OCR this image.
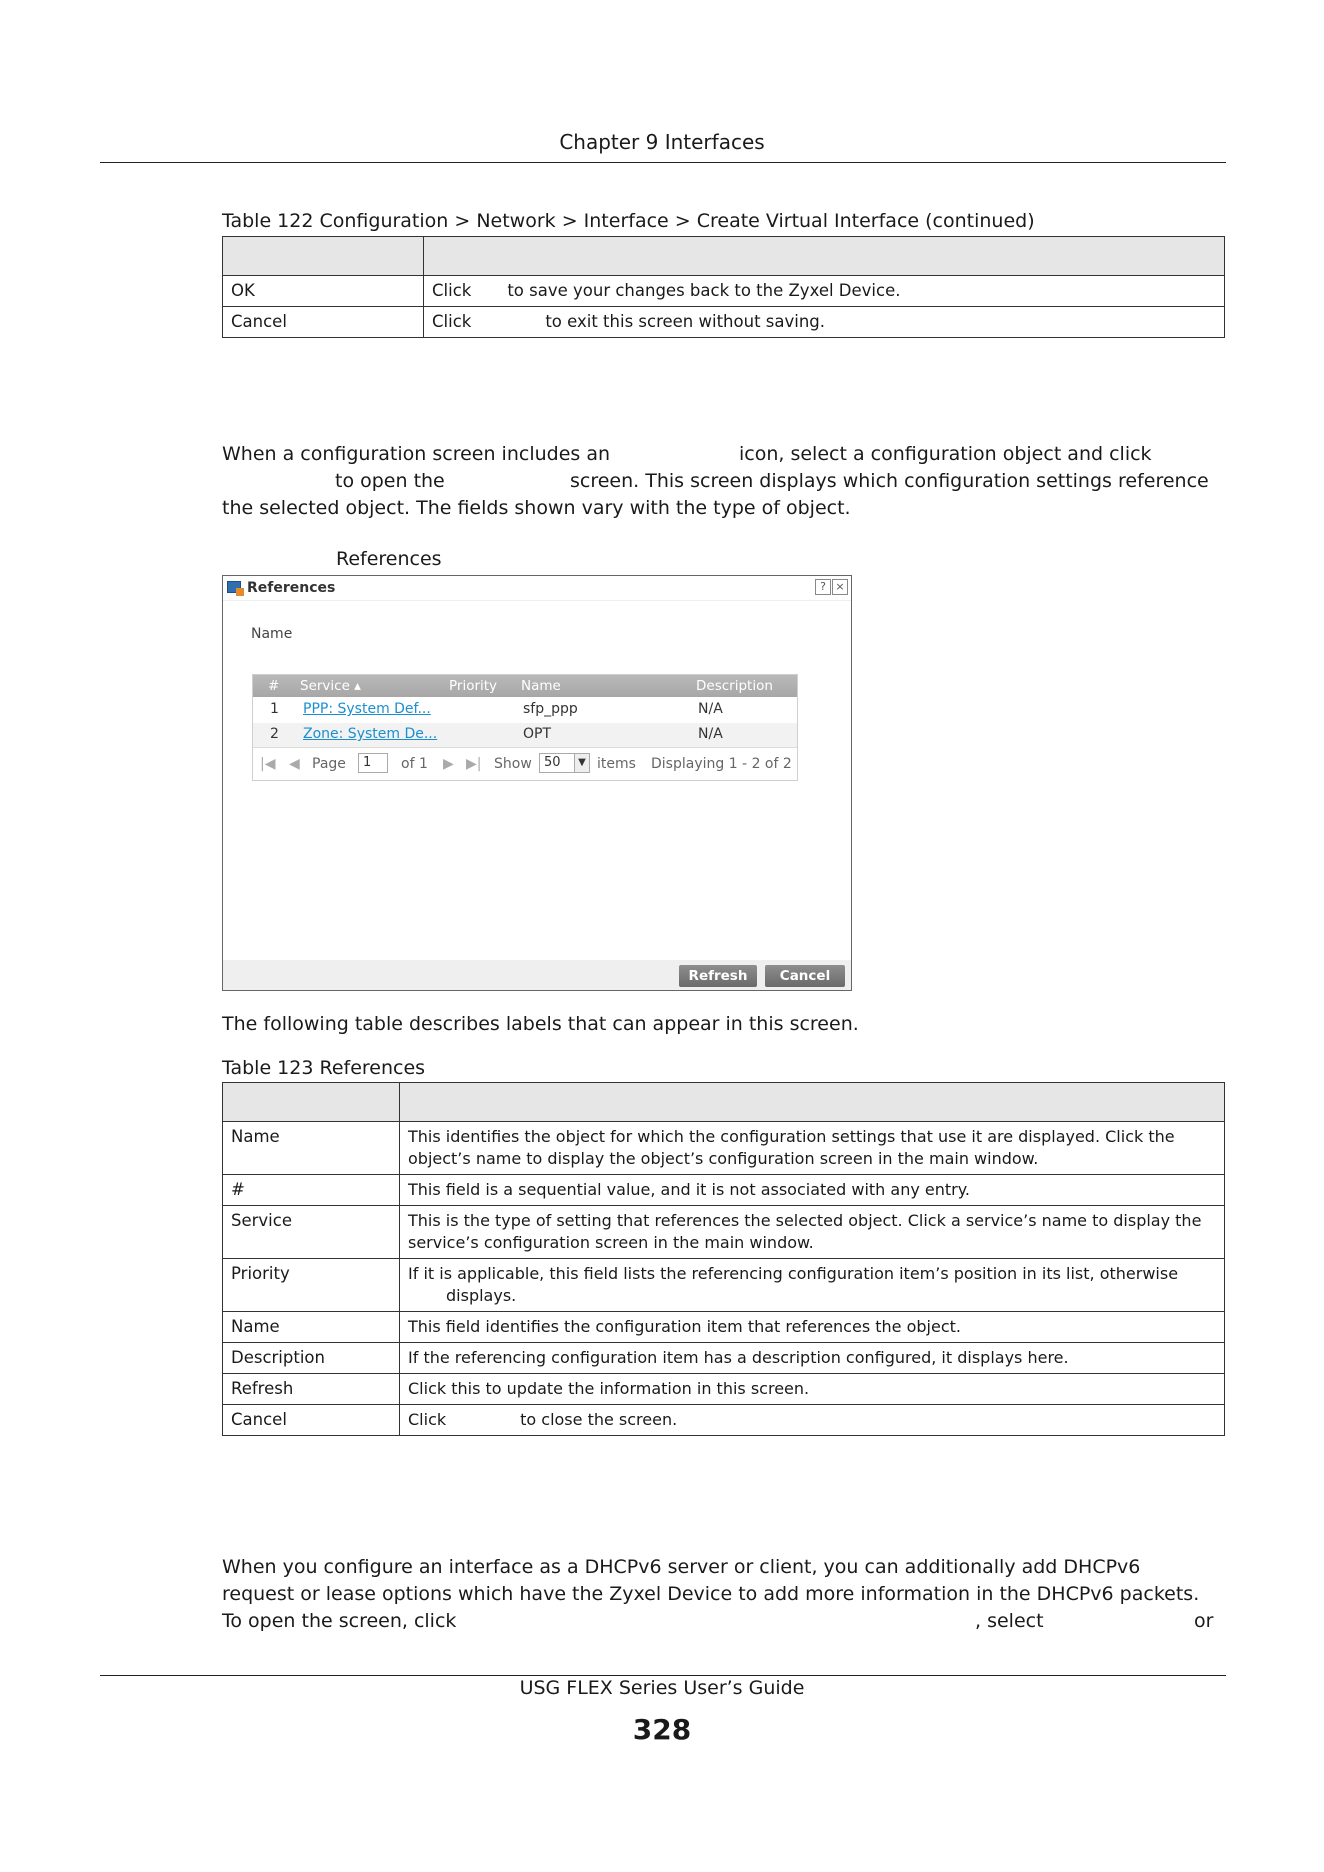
Chapter 9 Interfaces
Table 122 Configuration > Network > Interface > Create Virtual Interface (continued)

OK	Click to save your changes back to the Zyxel Device.
Cancel	Click to exit this screen without saving.
When a configuration screen includes an	icon, select a configuration object and click
to open the	screen. This screen displays which configuration settings reference
the selected object. The fields shown vary with the type of object.
References
References	? ×
Name
# Service ▴	Priority Name	Description
1 PPP: System Def...	sfp_ppp	N/A
2 Zone: System De...	OPT	N/A
|◀ ◀ Page	1	of 1 ▶ ▶| Show 50	▼ items Displaying 1 - 2 of 2
Refresh	Cancel
The following table describes labels that can appear in this screen.
Table 123 References

Name	This identifies the object for which the configuration settings that use it are displayed. Click the object’s name to display the object’s configuration screen in the main window.
#	This field is a sequential value, and it is not associated with any entry.
Service	This is the type of setting that references the selected object. Click a service’s name to display the service’s configuration screen in the main window.
Priority	If it is applicable, this field lists the referencing configuration item’s position in its list, otherwise
displays.
Name	This field identifies the configuration item that references the object.
Description	If the referencing configuration item has a description configured, it displays here.
Refresh	Click this to update the information in this screen.
Cancel	Click to close the screen.
When you configure an interface as a DHCPv6 server or client, you can additionally add DHCPv6
request or lease options which have the Zyxel Device to add more information in the DHCPv6 packets.
To open the screen, click	, select	or
USG FLEX Series User’s Guide
328
